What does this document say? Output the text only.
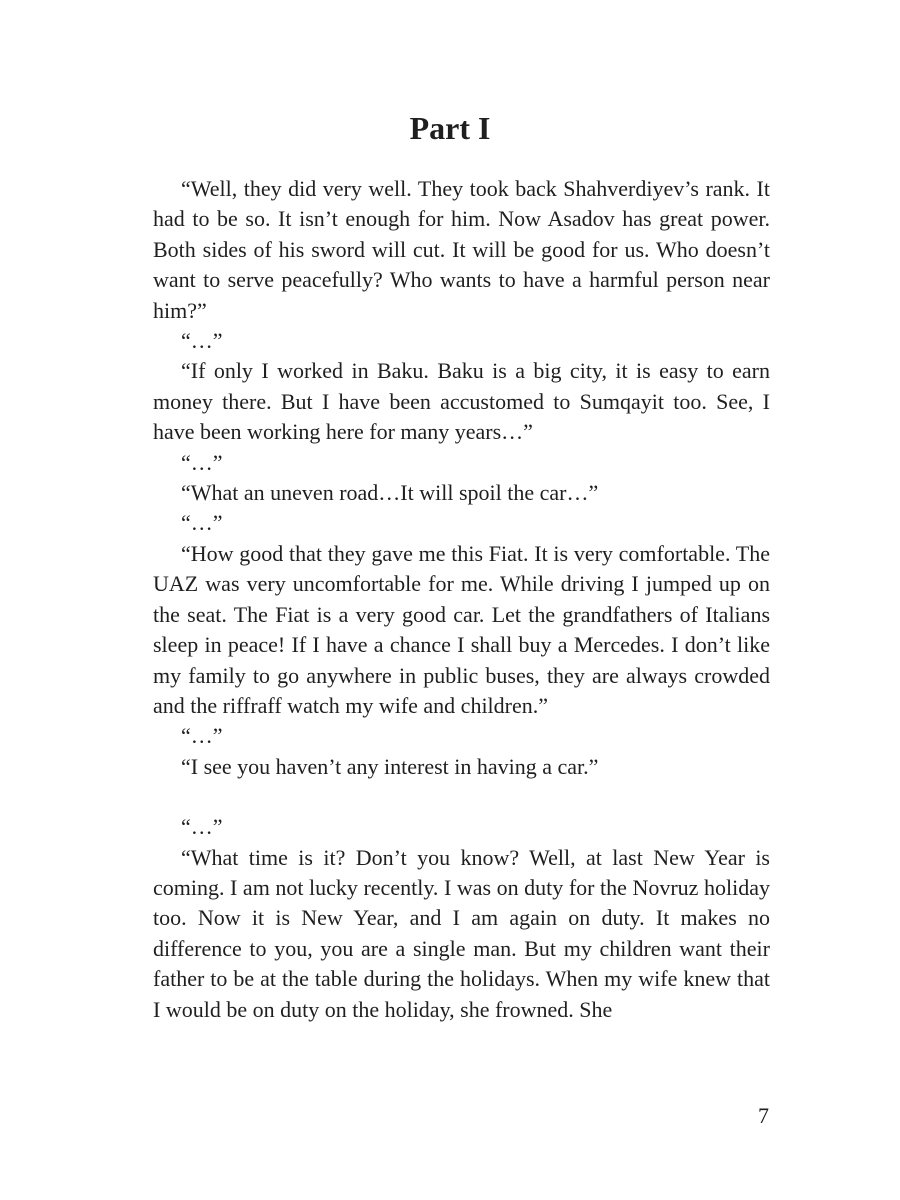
Part I

“Well, they did very well. They took back Shahverdiyev’s rank. It had to be so. It isn’t enough for him. Now Asadov has great power. Both sides of his sword will cut. It will be good for us. Who doesn’t want to serve peacefully? Who wants to have a harmful person near him?”

“…”

“If only I worked in Baku. Baku is a big city, it is easy to earn money there. But I have been accustomed to Sumqayit too. See, I have been working here for many years…”

“…”

“What an uneven road…It will spoil the car…”

“…”

“How good that they gave me this Fiat. It is very comfortable. The UAZ was very uncomfortable for me. While driving I jumped up on the seat. The Fiat is a very good car. Let the grandfathers of Italians sleep in peace! If I have a chance I shall buy a Mercedes. I don’t like my family to go anywhere in public buses, they are always crowded and the riffraff watch my wife and children.”

“…”

“I see you haven’t any interest in having a car.”

“…”

“What time is it? Don’t you know? Well, at last New Year is coming. I am not lucky recently. I was on duty for the Novruz holiday too. Now it is New Year, and I am again on duty. It makes no difference to you, you are a single man. But my children want their father to be at the table during the holidays. When my wife knew that I would be on duty on the holiday, she frowned. She

7
